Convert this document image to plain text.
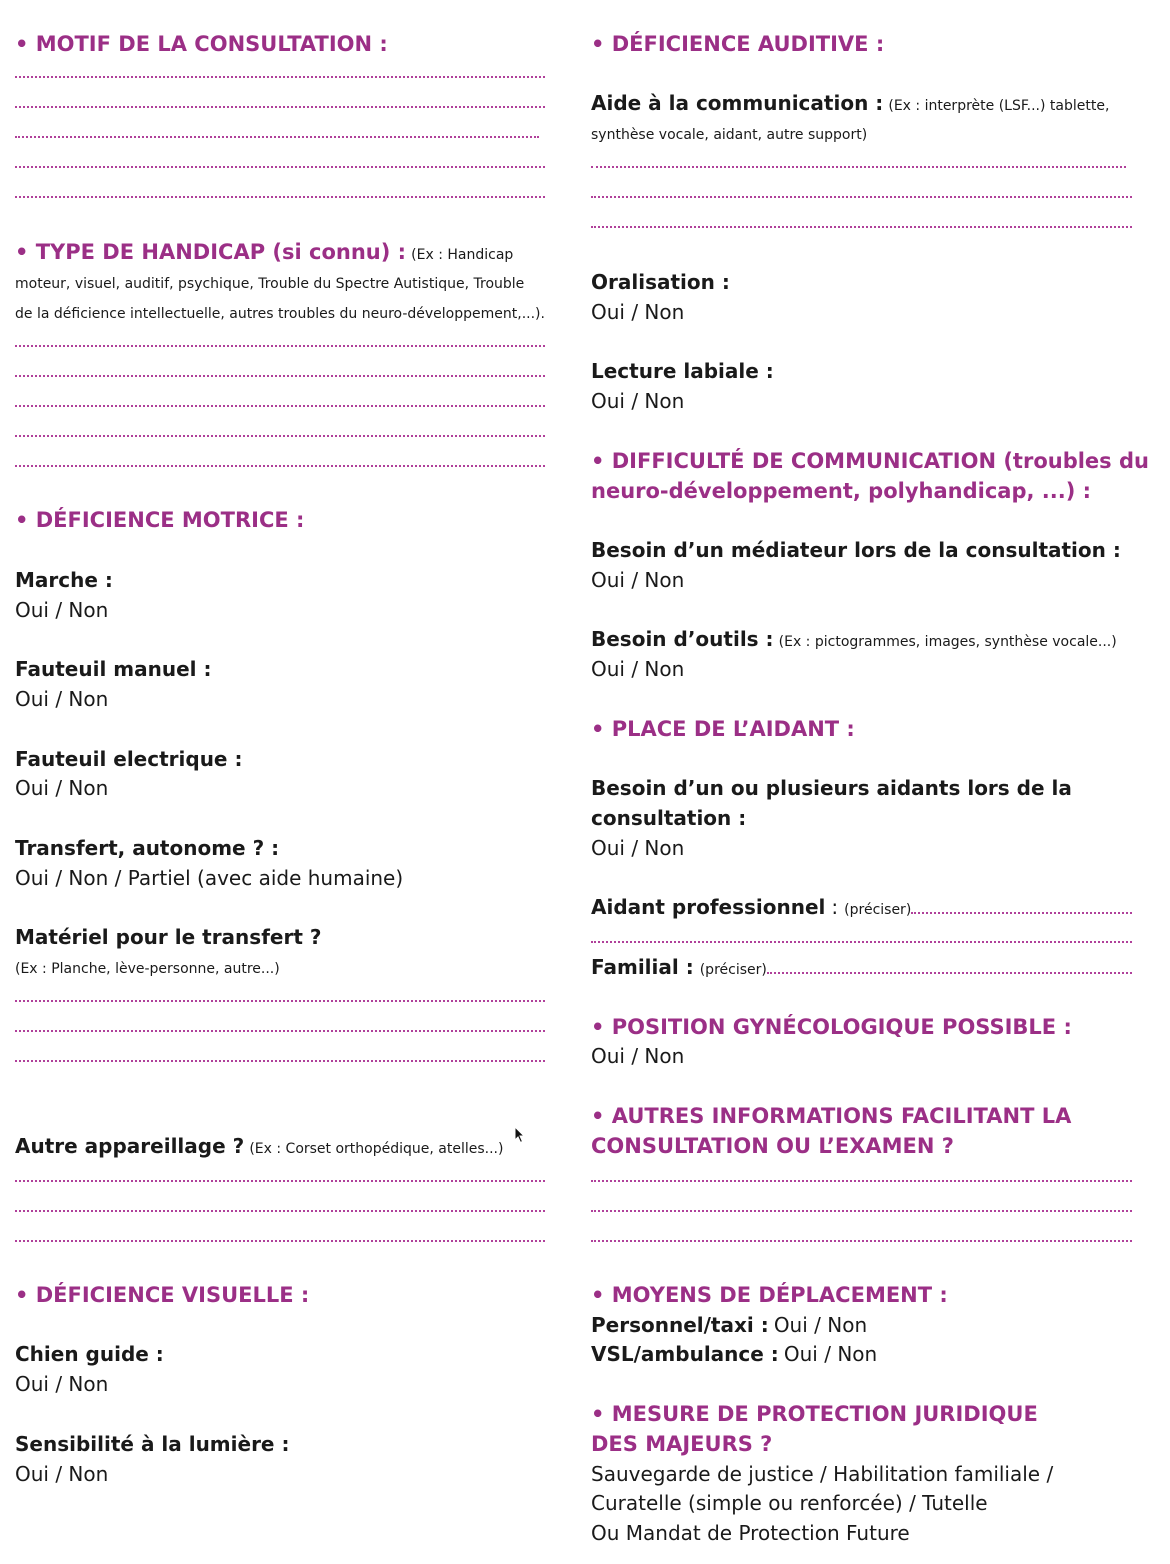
• MOTIF DE LA CONSULTATION :
• TYPE DE HANDICAP (si connu) : (Ex : Handicap
moteur, visuel, auditif, psychique, Trouble du Spectre Autistique, Trouble
de la déficience intellectuelle, autres troubles du neuro-développement,...).
• DÉFICIENCE MOTRICE :
Marche :
Oui / Non
Fauteuil manuel :
Oui / Non
Fauteuil electrique :
Oui / Non
Transfert, autonome ? :
Oui / Non / Partiel (avec aide humaine)
Matériel pour le transfert ?
(Ex : Planche, lève-personne, autre...)
Autre appareillage ? (Ex : Corset orthopédique, atelles...)
• DÉFICIENCE VISUELLE :
Chien guide :
Oui / Non
Sensibilité à la lumière :
Oui / Non
• DÉFICIENCE AUDITIVE :
Aide à la communication : (Ex : interprète (LSF...) tablette,
synthèse vocale, aidant, autre support)
Oralisation :
Oui / Non
Lecture labiale :
Oui / Non
• DIFFICULTÉ DE COMMUNICATION (troubles du
neuro-développement, polyhandicap, ...) :
Besoin d’un médiateur lors de la consultation :
Oui / Non
Besoin d’outils : (Ex : pictogrammes, images, synthèse vocale...)
Oui / Non
• PLACE DE L’AIDANT :
Besoin d’un ou plusieurs aidants lors de la
consultation :
Oui / Non
Aidant professionnel : (préciser)
Familial : (préciser)
• POSITION GYNÉCOLOGIQUE POSSIBLE :
Oui / Non
• AUTRES INFORMATIONS FACILITANT LA
CONSULTATION OU L’EXAMEN ?
• MOYENS DE DÉPLACEMENT :
Personnel/taxi : Oui / Non
VSL/ambulance : Oui / Non
• MESURE DE PROTECTION JURIDIQUE
DES MAJEURS ?
Sauvegarde de justice / Habilitation familiale /
Curatelle (simple ou renforcée) / Tutelle
Ou Mandat de Protection Future
